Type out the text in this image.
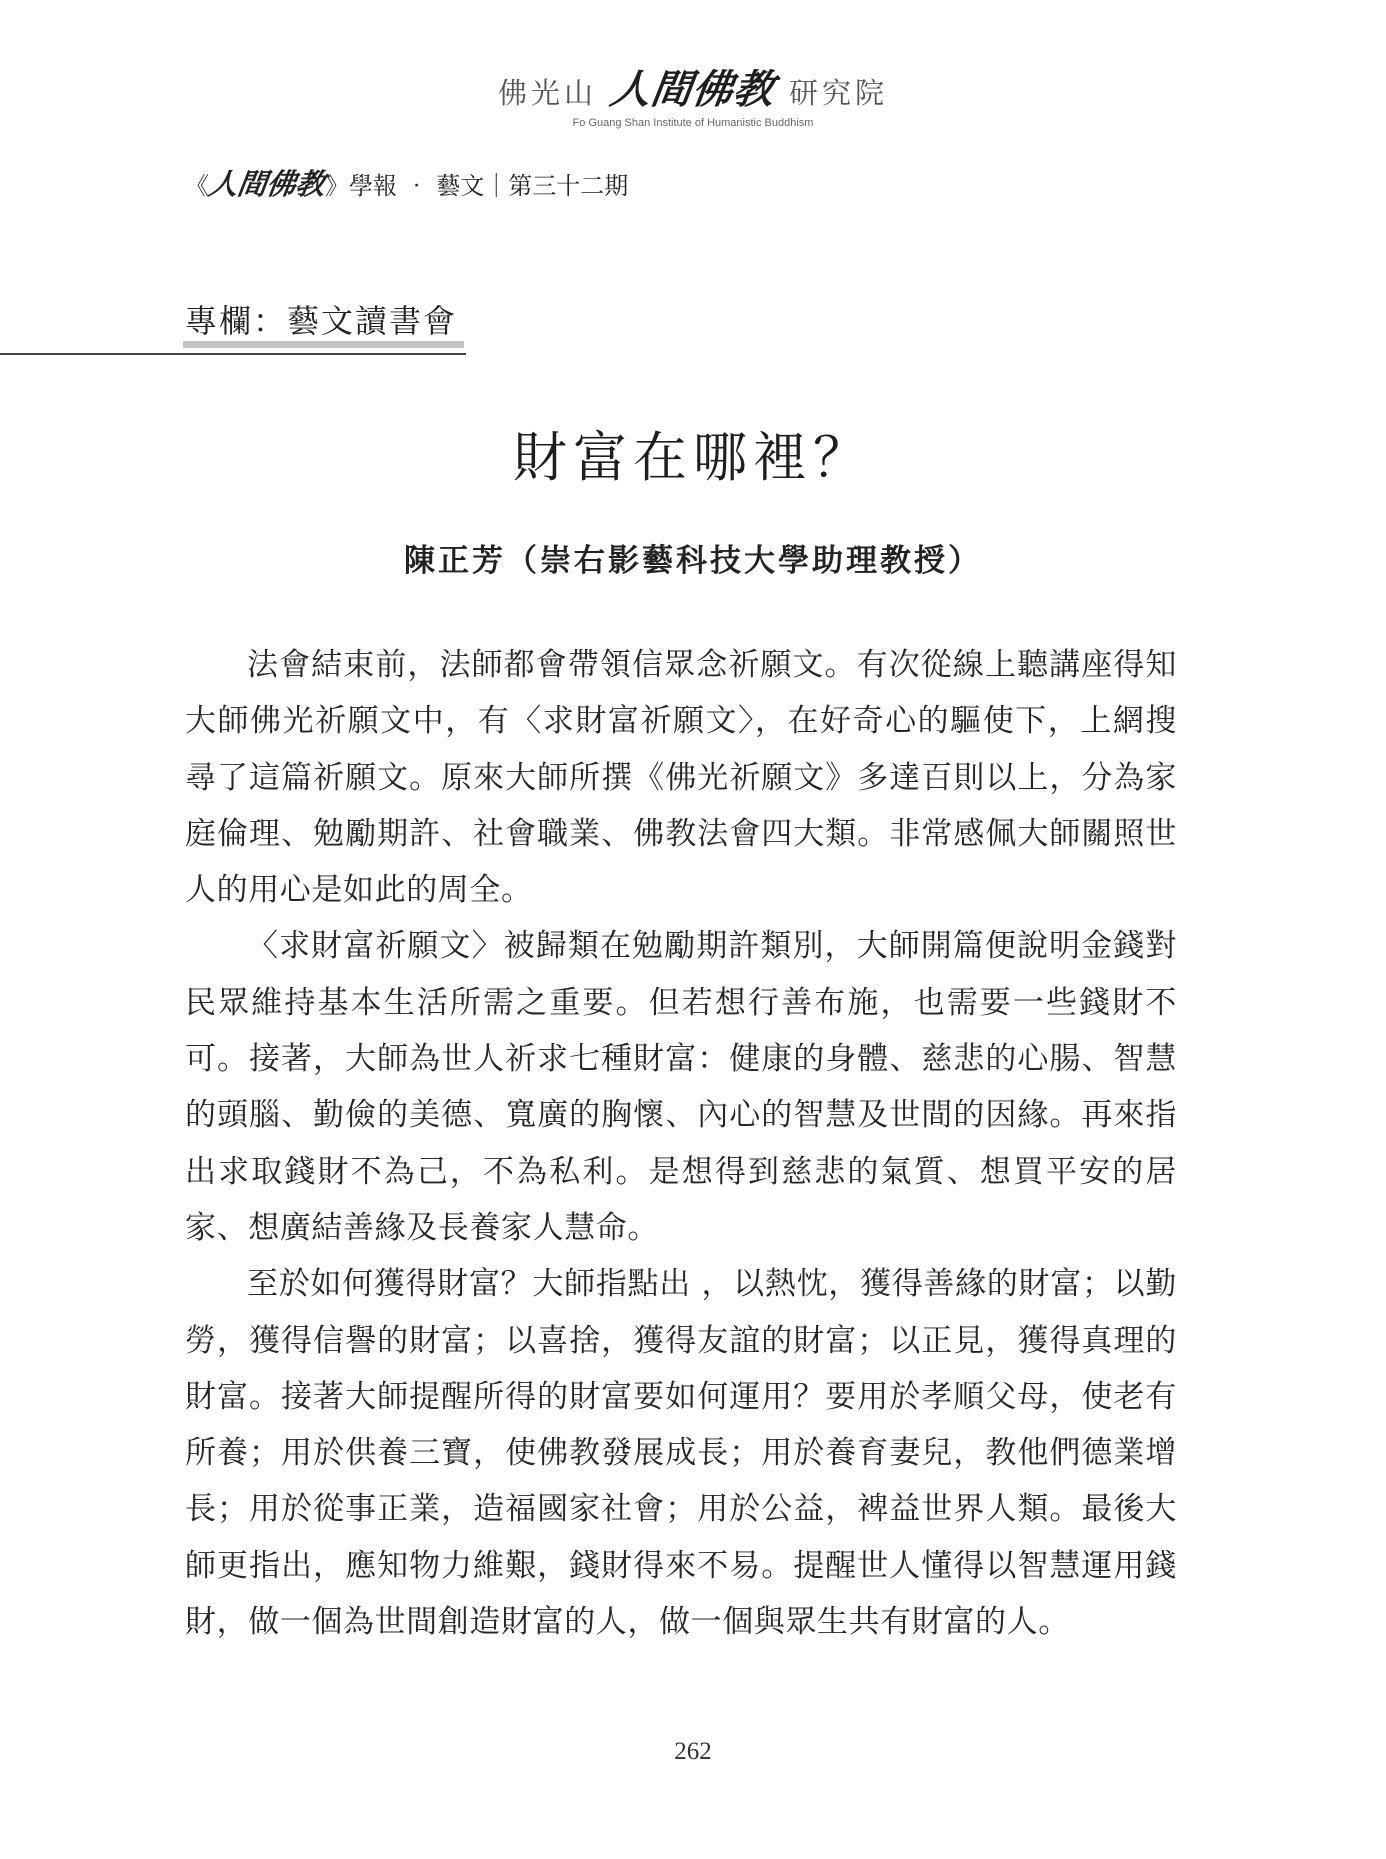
佛光山 人間佛教 研究院
Fo Guang Shan Institute of Humanistic Buddhism
《
人間佛教
》學報 ‧ 藝文｜第三十二期
專欄：藝文讀書會
財富在哪裡？
陳正芳（崇右影藝科技大學助理教授）

法會結束前，法師都會帶領信眾念祈願文。有次從線上聽講座得知大師佛光祈願文中，有〈求財富祈願文〉，在好奇心的驅使下，上網搜尋了這篇祈願文。原來大師所撰《佛光祈願文》多達百則以上，分為家庭倫理、勉勵期許、社會職業、佛教法會四大類。非常感佩大師關照世人的用心是如此的周全。

〈求財富祈願文〉被歸類在勉勵期許類別，大師開篇便說明金錢對民眾維持基本生活所需之重要。但若想行善布施，也需要一些錢財不可。接著，大師為世人祈求七種財富：健康的身體、慈悲的心腸、智慧的頭腦、勤儉的美德、寬廣的胸懷、內心的智慧及世間的因緣。再來指出求取錢財不為己，不為私利。是想得到慈悲的氣質、想買平安的居家、想廣結善緣及長養家人慧命。

至於如何獲得財富？大師指點出 ，以熱忱，獲得善緣的財富；以勤勞，獲得信譽的財富；以喜捨，獲得友誼的財富；以正見，獲得真理的財富。接著大師提醒所得的財富要如何運用？要用於孝順父母，使老有所養；用於供養三寶，使佛教發展成長；用於養育妻兒，教他們德業增長；用於從事正業，造福國家社會；用於公益，裨益世界人類。最後大師更指出，應知物力維艱，錢財得來不易。提醒世人懂得以智慧運用錢財，做一個為世間創造財富的人，做一個與眾生共有財富的人。

262
